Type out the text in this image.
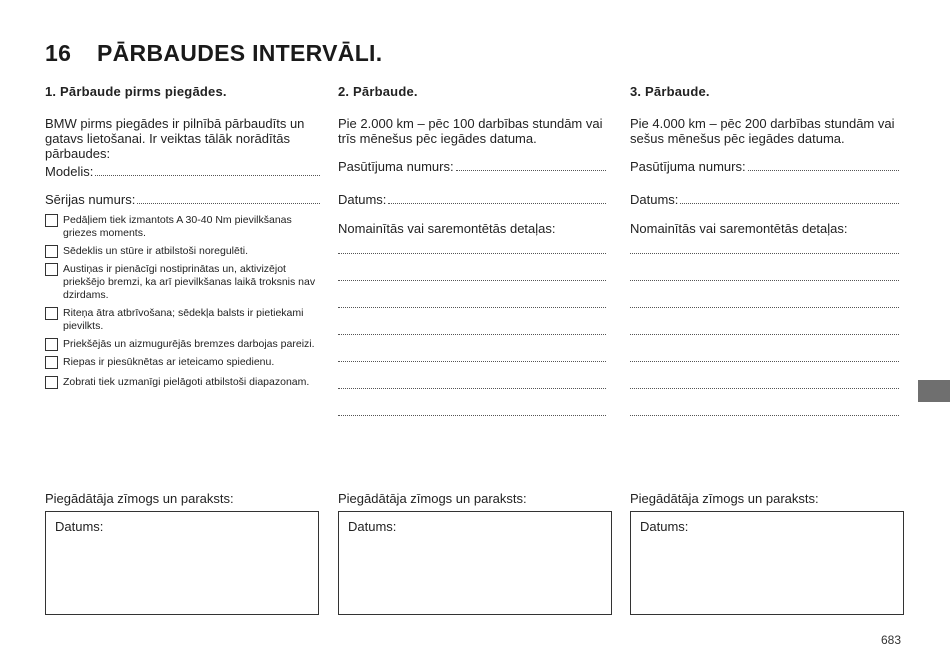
16	PĀRBAUDES INTERVĀLI.
1. Pārbaude pirms piegādes.

BMW pirms piegādes ir pilnībā pārbaudīts un gatavs lietošanai. Ir veiktas tālāk norādītās pārbaudes:

Modelis:
Sērijas numurs:
Pedāļiem tiek izmantots A 30-40 Nm pievilkšanas griezes moments.
Sēdeklis un stūre ir atbilstoši noregulēti.
Austiņas ir pienācīgi nostiprinātas un, aktivizējot priekšējo bremzi, ka arī pievilkšanas laikā troksnis nav dzirdams.
Riteņa ātra atbrīvošana; sēdekļa balsts ir pietiekami pievilkts.
Priekšējās un aizmugurējās bremzes darbojas pareizi.
Riepas ir piesūknētas ar ieteicamo spiedienu.
Zobrati tiek uzmanīgi pielāgoti atbilstoši diapazonam.
2. Pārbaude.

Pie 2.000 km – pēc 100 darbības stundām vai trīs mēnešus pēc iegādes datuma.

Pasūtījuma numurs:
Datums:
Nomainītās vai saremontētās detaļas:
3. Pārbaude.

Pie 4.000 km – pēc 200 darbības stundām vai sešus mēnešus pēc iegādes datuma.

Pasūtījuma numurs:
Datums:
Nomainītās vai saremontētās detaļas:
Piegādātāja zīmogs un paraksts:
Datums:
Piegādātāja zīmogs un paraksts:
Datums:
Piegādātāja zīmogs un paraksts:
Datums:
683
